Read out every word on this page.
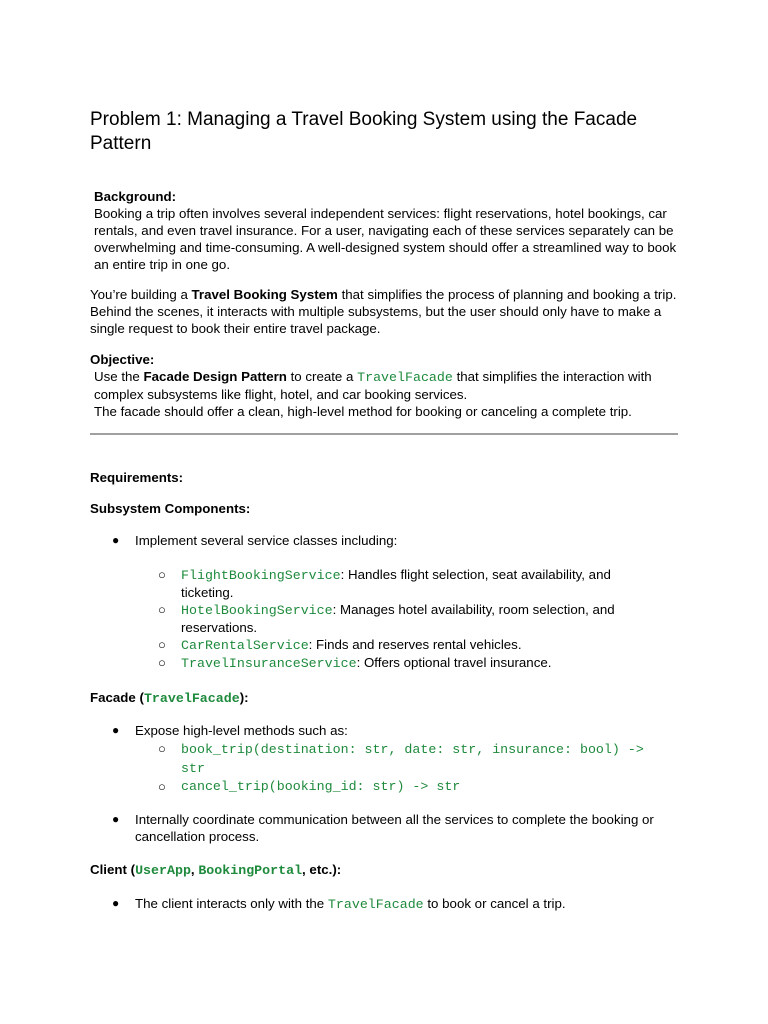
Problem 1: Managing a Travel Booking System using the Facade Pattern

Background:

Booking a trip often involves several independent services: flight reservations, hotel bookings, car rentals, and even travel insurance. For a user, navigating each of these services separately can be overwhelming and time-consuming. A well-designed system should offer a streamlined way to book an entire trip in one go.

You’re building a Travel Booking System that simplifies the process of planning and booking a trip. Behind the scenes, it interacts with multiple subsystems, but the user should only have to make a single request to book their entire travel package.

Objective:

Use the Facade Design Pattern to create a TravelFacade that simplifies the interaction with complex subsystems like flight, hotel, and car booking services.

The facade should offer a clean, high-level method for booking or canceling a complete trip.

Requirements:

Subsystem Components:

● Implement several service classes including:
○ FlightBookingService: Handles flight selection, seat availability, and
ticketing.
○ HotelBookingService: Manages hotel availability, room selection, and
reservations.
○ CarRentalService: Finds and reserves rental vehicles.
○ TravelInsuranceService: Offers optional travel insurance.

Facade (TravelFacade):

● Expose high-level methods such as:
○ book_trip(destination: str, date: str, insurance: bool) ->
str
○ cancel_trip(booking_id: str) -> str
● Internally coordinate communication between all the services to complete the booking or cancellation process.

Client (UserApp, BookingPortal, etc.):

● The client interacts only with the TravelFacade to book or cancel a trip.
